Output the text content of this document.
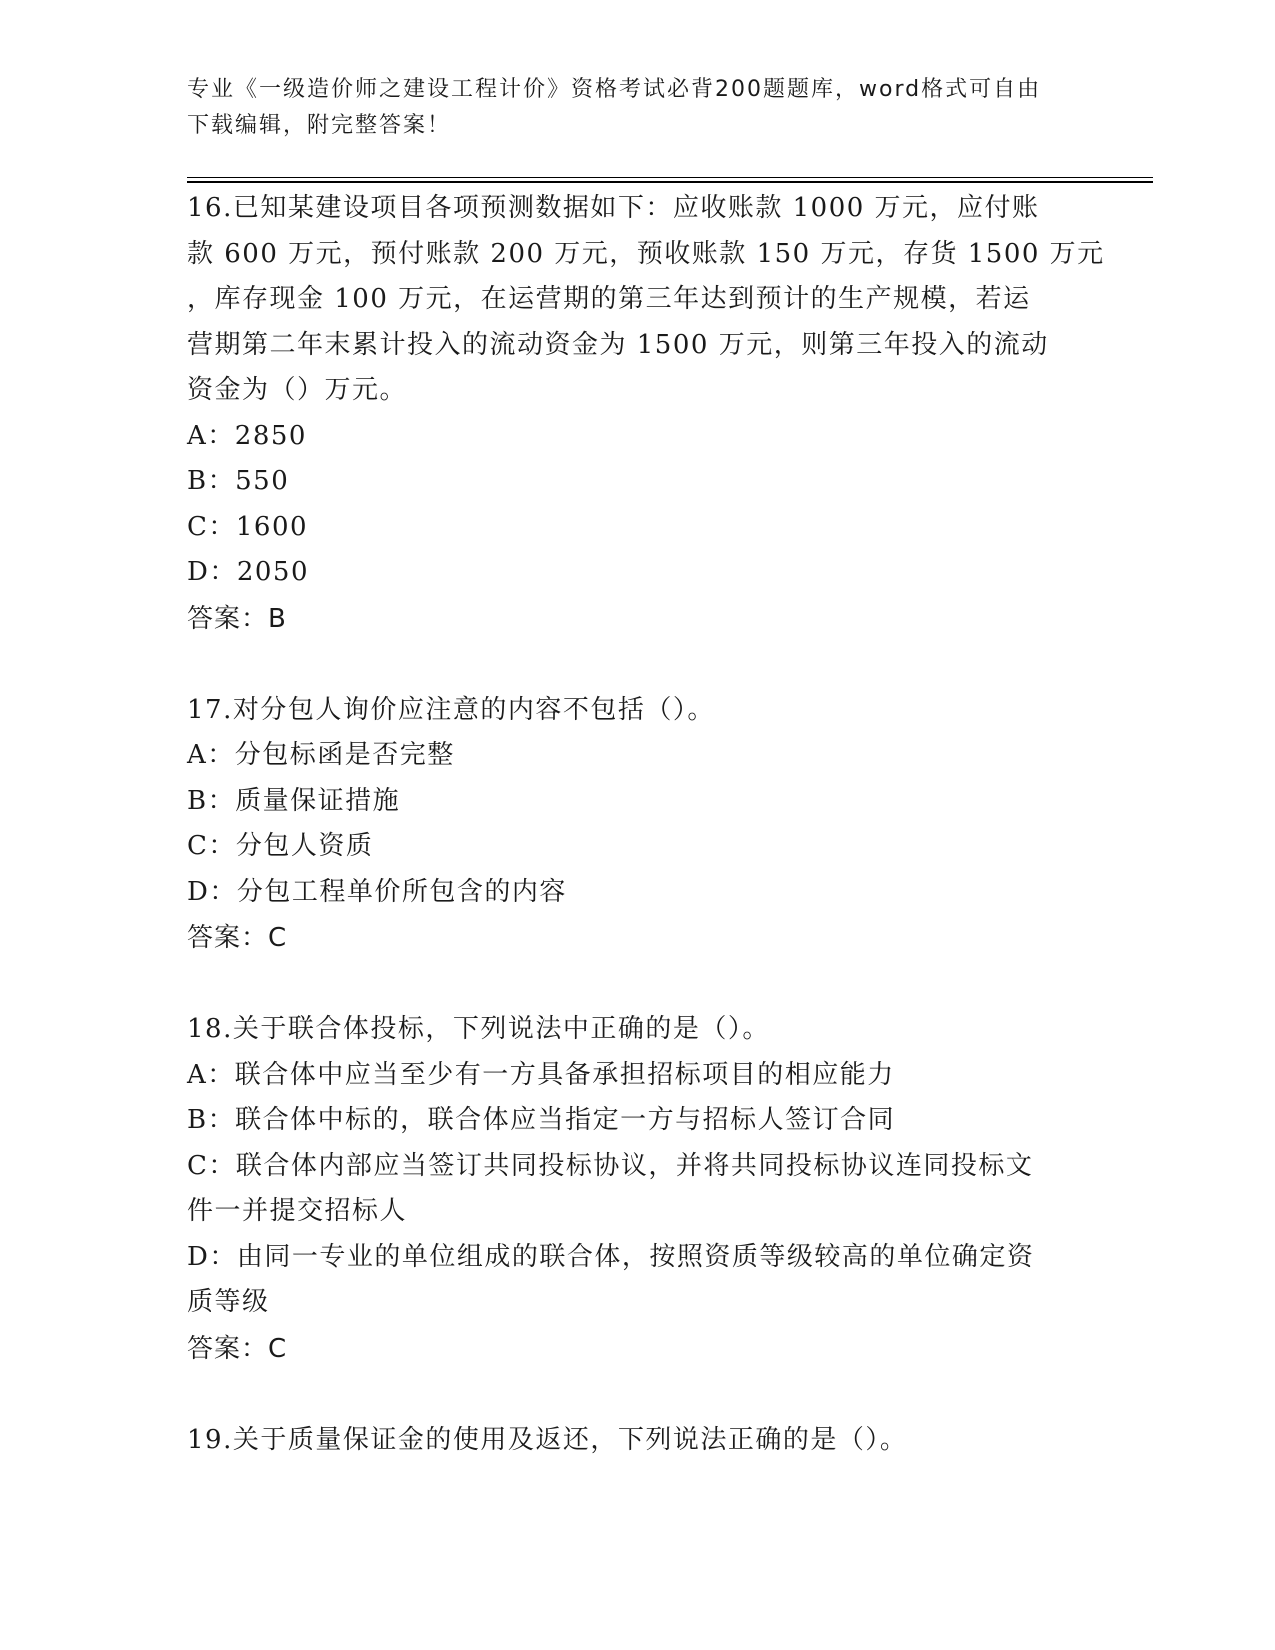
专业《一级造价师之建设工程计价》资格考试必背200题题库，word格式可自由
下载编辑，附完整答案！
16.已知某建设项目各项预测数据如下：应收账款 1000 万元，应付账
款 600 万元，预付账款 200 万元，预收账款 150 万元，存货 1500 万元
，库存现金 100 万元，在运营期的第三年达到预计的生产规模，若运
营期第二年末累计投入的流动资金为 1500 万元，则第三年投入的流动
资金为（）万元。
A：2850
B：550
C：1600
D：2050
答案：B
17.对分包人询价应注意的内容不包括（）。
A：分包标函是否完整
B：质量保证措施
C：分包人资质
D：分包工程单价所包含的内容
答案：C
18.关于联合体投标，下列说法中正确的是（）。
A：联合体中应当至少有一方具备承担招标项目的相应能力
B：联合体中标的，联合体应当指定一方与招标人签订合同
C：联合体内部应当签订共同投标协议，并将共同投标协议连同投标文
件一并提交招标人
D：由同一专业的单位组成的联合体，按照资质等级较高的单位确定资
质等级
答案：C
19.关于质量保证金的使用及返还，下列说法正确的是（）。
